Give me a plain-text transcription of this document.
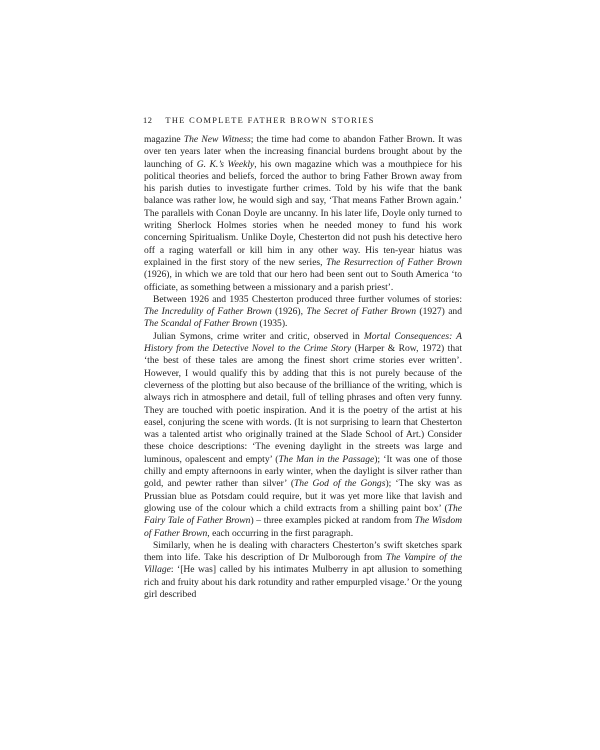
12 THE COMPLETE FATHER BROWN STORIES

magazine The New Witness; the time had come to abandon Father Brown. It was over ten years later when the increasing financial burdens brought about by the launching of G. K.’s Weekly, his own magazine which was a mouthpiece for his political theories and beliefs, forced the author to bring Father Brown away from his parish duties to investigate further crimes. Told by his wife that the bank balance was rather low, he would sigh and say, ‘That means Father Brown again.’ The parallels with Conan Doyle are uncanny. In his later life, Doyle only turned to writing Sherlock Holmes stories when he needed money to fund his work concerning Spiritualism. Unlike Doyle, Chesterton did not push his detective hero off a raging waterfall or kill him in any other way. His ten-year hiatus was explained in the first story of the new series, The Resurrection of Father Brown (1926), in which we are told that our hero had been sent out to South America ‘to officiate, as something between a missionary and a parish priest’.

Between 1926 and 1935 Chesterton produced three further volumes of stories: The Incredulity of Father Brown (1926), The Secret of Father Brown (1927) and The Scandal of Father Brown (1935).

Julian Symons, crime writer and critic, observed in Mortal Consequences: A History from the Detective Novel to the Crime Story (Harper & Row, 1972) that ‘the best of these tales are among the finest short crime stories ever written’. However, I would qualify this by adding that this is not purely because of the cleverness of the plotting but also because of the brilliance of the writing, which is always rich in atmosphere and detail, full of telling phrases and often very funny. They are touched with poetic inspiration. And it is the poetry of the artist at his easel, conjuring the scene with words. (It is not surprising to learn that Chesterton was a talented artist who originally trained at the Slade School of Art.) Consider these choice descriptions: ‘The evening daylight in the streets was large and luminous, opalescent and empty’ (The Man in the Passage); ‘It was one of those chilly and empty afternoons in early winter, when the daylight is silver rather than gold, and pewter rather than silver’ (The God of the Gongs); ‘The sky was as Prussian blue as Potsdam could require, but it was yet more like that lavish and glowing use of the colour which a child extracts from a shilling paint box’ (The Fairy Tale of Father Brown) – three examples picked at random from The Wisdom of Father Brown, each occurring in the first paragraph.

Similarly, when he is dealing with characters Chesterton’s swift sketches spark them into life. Take his description of Dr Mulborough from The Vampire of the Village: ‘[He was] called by his intimates Mulberry in apt allusion to something rich and fruity about his dark rotundity and rather empurpled visage.’ Or the young girl described
